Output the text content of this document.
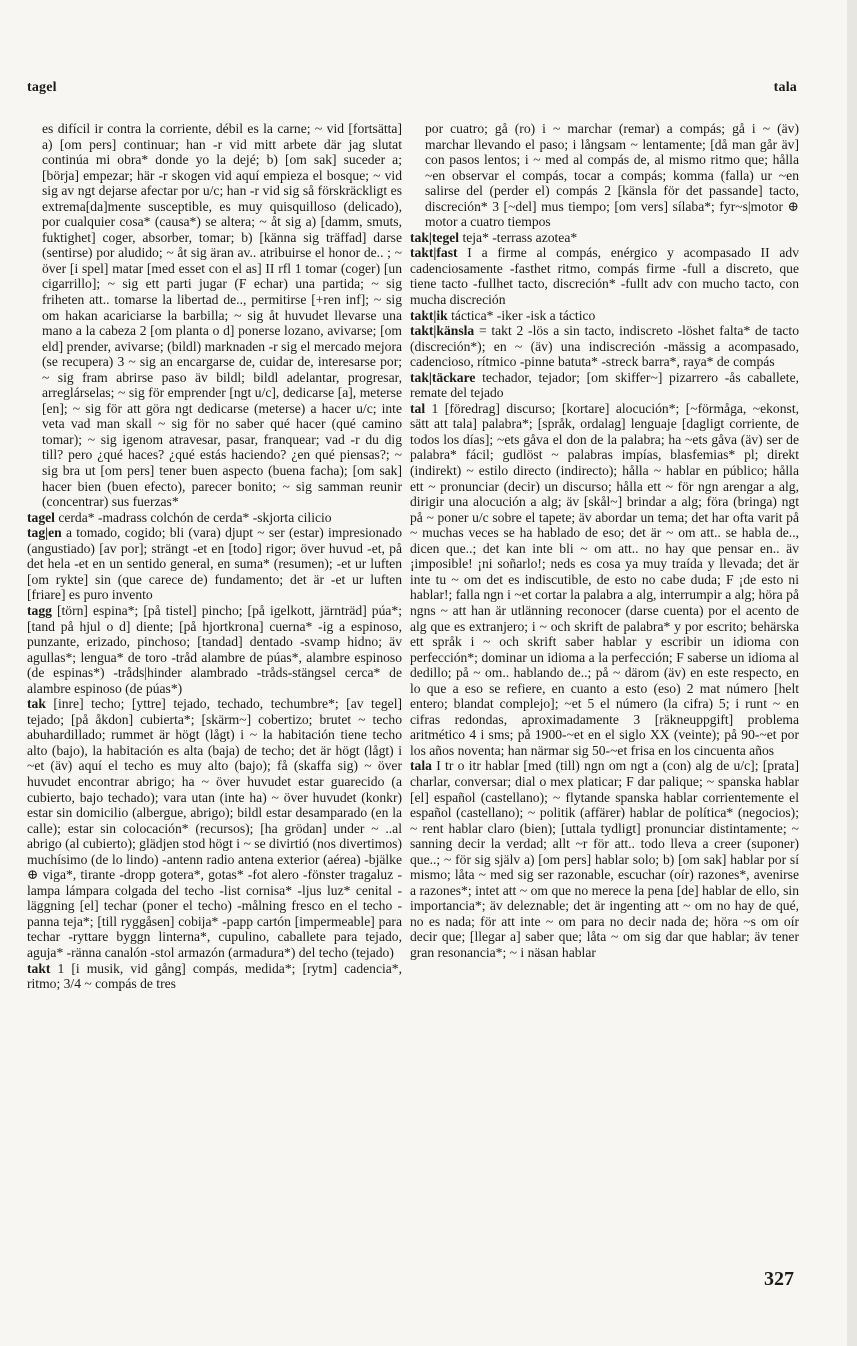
tagel	tala

es difícil ir contra la corriente, débil es la carne; ~ vid [fortsätta] a) [om pers] continuar; han -r vid mitt arbete där jag slutat continúa mi obra* donde yo la dejé; b) [om sak] suceder a; [börja] empezar; här -r skogen vid aquí empieza el bosque; ~ vid sig av ngt dejarse afectar por u/c; han -r vid sig så förskräckligt es extrema[da]mente susceptible, es muy quisquilloso (delicado), por cualquier cosa* (causa*) se altera; ~ åt sig a) [damm, smuts, fuktighet] coger, absorber, tomar; b) [känna sig träffad] darse (sentirse) por aludido; ~ åt sig äran av.. atribuirse el honor de.. ; ~ över [i spel] matar [med esset con el as] II rfl 1 tomar (coger) [un cigarrillo]; ~ sig ett parti jugar (F echar) una partida; ~ sig friheten att.. tomarse la libertad de.., permitirse [+ren inf]; ~ sig om hakan acariciarse la barbilla; ~ sig åt huvudet llevarse una mano a la cabeza 2 [om planta o d] ponerse lozano, avivarse; [om eld] prender, avivarse; (bildl) marknaden -r sig el mercado mejora (se recupera) 3 ~ sig an encargarse de, cuidar de, interesarse por; ~ sig fram abrirse paso äv bildl; bildl adelantar, progresar, arreglárselas; ~ sig för emprender [ngt u/c], dedicarse [a], meterse [en]; ~ sig för att göra ngt dedicarse (meterse) a hacer u/c; inte veta vad man skall ~ sig för no saber qué hacer (qué camino tomar); ~ sig igenom atravesar, pasar, franquear; vad -r du dig till? pero ¿qué haces? ¿qué estás haciendo? ¿en qué piensas?; ~ sig bra ut [om pers] tener buen aspecto (buena facha); [om sak] hacer bien (buen efecto), parecer bonito; ~ sig samman reunir (concentrar) sus fuerzas*

tagel cerda* -madrass colchón de cerda* -skjorta cilicio

tag|en a tomado, cogido; bli (vara) djupt ~ ser (estar) impresionado (angustiado) [av por]; strängt -et en [todo] rigor; över huvud -et, på det hela -et en un sentido general, en suma* (resumen); -et ur luften [om rykte] sin (que carece de) fundamento; det är -et ur luften [friare] es puro invento

tagg [törn] espina*; [på tistel] pincho; [på igelkott, järnträd] púa*; [tand på hjul o d] diente; [på hjortkrona] cuerna* -ig a espinoso, punzante, erizado, pinchoso; [tandad] dentado -svamp hidno; äv agullas*; lengua* de toro -tråd alambre de púas*, alambre espinoso (de espinas*) -tråds|hinder alambrado -tråds-stängsel cerca* de alambre espinoso (de púas*)

tak [inre] techo; [yttre] tejado, techado, techumbre*; [av tegel] tejado; [på åkdon] cubierta*; [skärm~] cobertizo; brutet ~ techo abuhardillado; rummet är högt (lågt) i ~ la habitación tiene techo alto (bajo), la habitación es alta (baja) de techo; det är högt (lågt) i ~et (äv) aquí el techo es muy alto (bajo); få (skaffa sig) ~ över huvudet encontrar abrigo; ha ~ över huvudet estar guarecido (a cubierto, bajo techado); vara utan (inte ha) ~ över huvudet (konkr) estar sin domicilio (albergue, abrigo); bildl estar desamparado (en la calle); estar sin colocación* (recursos); [ha grödan] under ~ ..al abrigo (al cubierto); glädjen stod högt i ~ se divirtió (nos divertimos) muchísimo (de lo lindo) -antenn radio antena exterior (aérea) -bjälke ⊕ viga*, tirante -dropp gotera*, gotas* -fot alero -fönster tragaluz -lampa lámpara colgada del techo -list cornisa* -ljus luz* cenital -läggning [el] techar (poner el techo) -målning fresco en el techo -panna teja*; [till ryggåsen] cobija* -papp cartón [impermeable] para techar -ryttare byggn linterna*, cupulino, caballete para tejado, aguja* -ränna canalón -stol armazón (armadura*) del techo (tejado)

takt 1 [i musik, vid gång] compás, medida*; [rytm] cadencia*, ritmo; 3/4 ~ compás de tres

por cuatro; gå (ro) i ~ marchar (remar) a compás; gå i ~ (äv) marchar llevando el paso; i långsam ~ lentamente; [då man går äv] con pasos lentos; i ~ med al compás de, al mismo ritmo que; hålla ~en observar el compás, tocar a compás; komma (falla) ur ~en salirse del (perder el) compás 2 [känsla för det passande] tacto, discreción* 3 [~del] mus tiempo; [om vers] sílaba*; fyr~s|motor ⊕ motor a cuatro tiempos

tak|tegel teja* -terrass azotea*

takt|fast I a firme al compás, enérgico y acompasado II adv cadenciosamente -fasthet ritmo, compás firme -full a discreto, que tiene tacto -fullhet tacto, discreción* -fullt adv con mucho tacto, con mucha discreción

takt|ik táctica* -iker -isk a táctico

takt|känsla = takt 2 -lös a sin tacto, indiscreto -löshet falta* de tacto (discreción*); en ~ (äv) una indiscreción -mässig a acompasado, cadencioso, rítmico -pinne batuta* -streck barra*, raya* de compás

tak|täckare techador, tejador; [om skiffer~] pizarrero -ås caballete, remate del tejado

tal 1 [föredrag] discurso; [kortare] alocución*; [~förmåga, ~ekonst, sätt att tala] palabra*; [språk, ordalag] lenguaje [dagligt corriente, de todos los días]; ~ets gåva el don de la palabra; ha ~ets gåva (äv) ser de palabra* fácil; gudlöst ~ palabras impías, blasfemias* pl; direkt (indirekt) ~ estilo directo (indirecto); hålla ~ hablar en público; hålla ett ~ pronunciar (decir) un discurso; hålla ett ~ för ngn arengar a alg, dirigir una alocución a alg; äv [skål~] brindar a alg; föra (bringa) ngt på ~ poner u/c sobre el tapete; äv abordar un tema; det har ofta varit på ~ muchas veces se ha hablado de eso; det är ~ om att.. se habla de.., dicen que..; det kan inte bli ~ om att.. no hay que pensar en.. äv ¡imposible! ¡ni soñarlo!; neds es cosa ya muy traída y llevada; det är inte tu ~ om det es indiscutible, de esto no cabe duda; F ¡de esto ni hablar!; falla ngn i ~et cortar la palabra a alg, interrumpir a alg; höra på ngns ~ att han är utlänning reconocer (darse cuenta) por el acento de alg que es extranjero; i ~ och skrift de palabra* y por escrito; behärska ett språk i ~ och skrift saber hablar y escribir un idioma con perfección*; dominar un idioma a la perfección; F saberse un idioma al dedillo; på ~ om.. hablando de..; på ~ därom (äv) en este respecto, en lo que a eso se refiere, en cuanto a esto (eso) 2 mat número [helt entero; blandat complejo]; ~et 5 el número (la cifra) 5; i runt ~ en cifras redondas, aproximadamente 3 [räkneuppgift] problema aritmético 4 i sms; på 1900-~et en el siglo XX (veinte); på 90-~et por los años noventa; han närmar sig 50-~et frisa en los cincuenta años

tala I tr o itr hablar [med (till) ngn om ngt a (con) alg de u/c]; [prata] charlar, conversar; dial o mex platicar; F dar palique; ~ spanska hablar [el] español (castellano); ~ flytande spanska hablar corrientemente el español (castellano); ~ politik (affärer) hablar de política* (negocios); ~ rent hablar claro (bien); [uttala tydligt] pronunciar distintamente; ~ sanning decir la verdad; allt ~r för att.. todo lleva a creer (suponer) que..; ~ för sig själv a) [om pers] hablar solo; b) [om sak] hablar por sí mismo; låta ~ med sig ser razonable, escuchar (oír) razones*, avenirse a razones*; intet att ~ om que no merece la pena [de] hablar de ello, sin importancia*; äv deleznable; det är ingenting att ~ om no hay de qué, no es nada; för att inte ~ om para no decir nada de; höra ~s om oír decir que; [llegar a] saber que; låta ~ om sig dar que hablar; äv tener gran resonancia*; ~ i näsan hablar

327
